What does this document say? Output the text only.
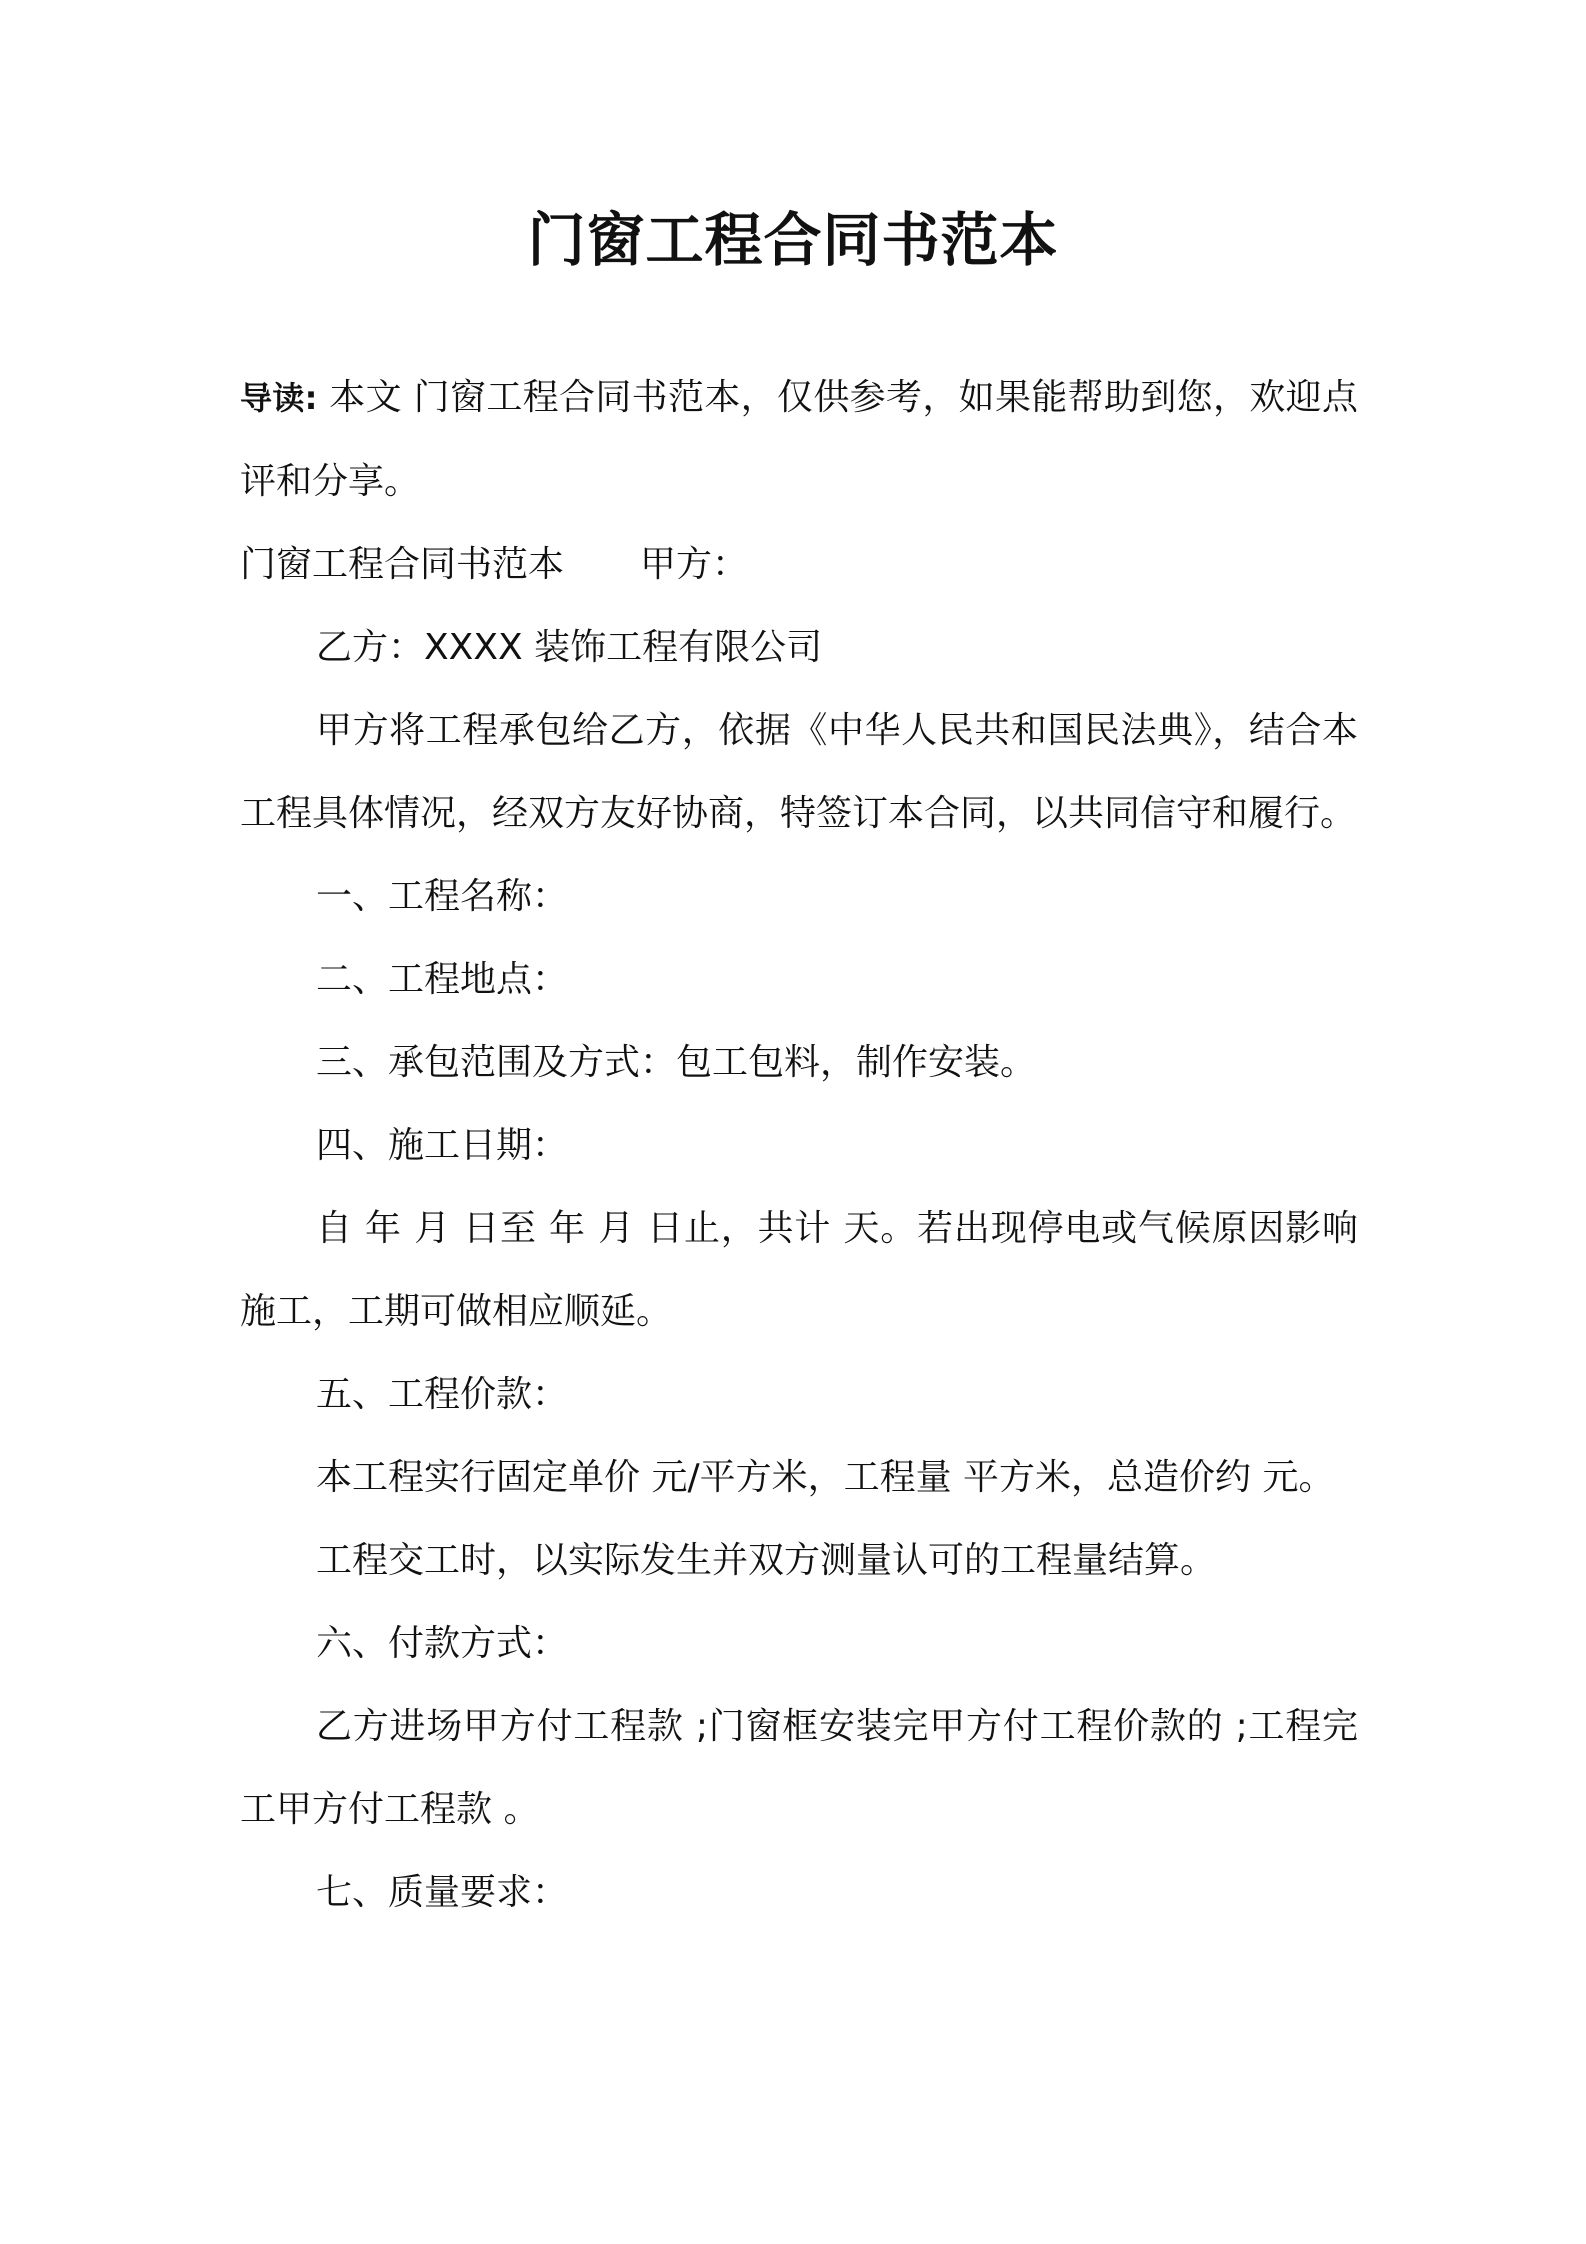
门窗工程合同书范本

导读: 本文 门窗工程合同书范本，仅供参考，如果能帮助到您，欢迎点评和分享。

门窗工程合同书范本 甲方：

乙方：XXXX 装饰工程有限公司

甲方将工程承包给乙方，依据《中华人民共和国民法典》，结合本工程具体情况，经双方友好协商，特签订本合同，以共同信守和履行。

一、工程名称：

二、工程地点：

三、承包范围及方式：包工包料，制作安装。

四、施工日期：

自 年 月 日至 年 月 日止，共计 天。若出现停电或气候原因影响施工，工期可做相应顺延。

五、工程价款：

本工程实行固定单价 元/平方米，工程量 平方米，总造价约 元。

工程交工时，以实际发生并双方测量认可的工程量结算。

六、付款方式：

乙方进场甲方付工程款 ;门窗框安装完甲方付工程价款的 ;工程完工甲方付工程款 。

七、质量要求：
